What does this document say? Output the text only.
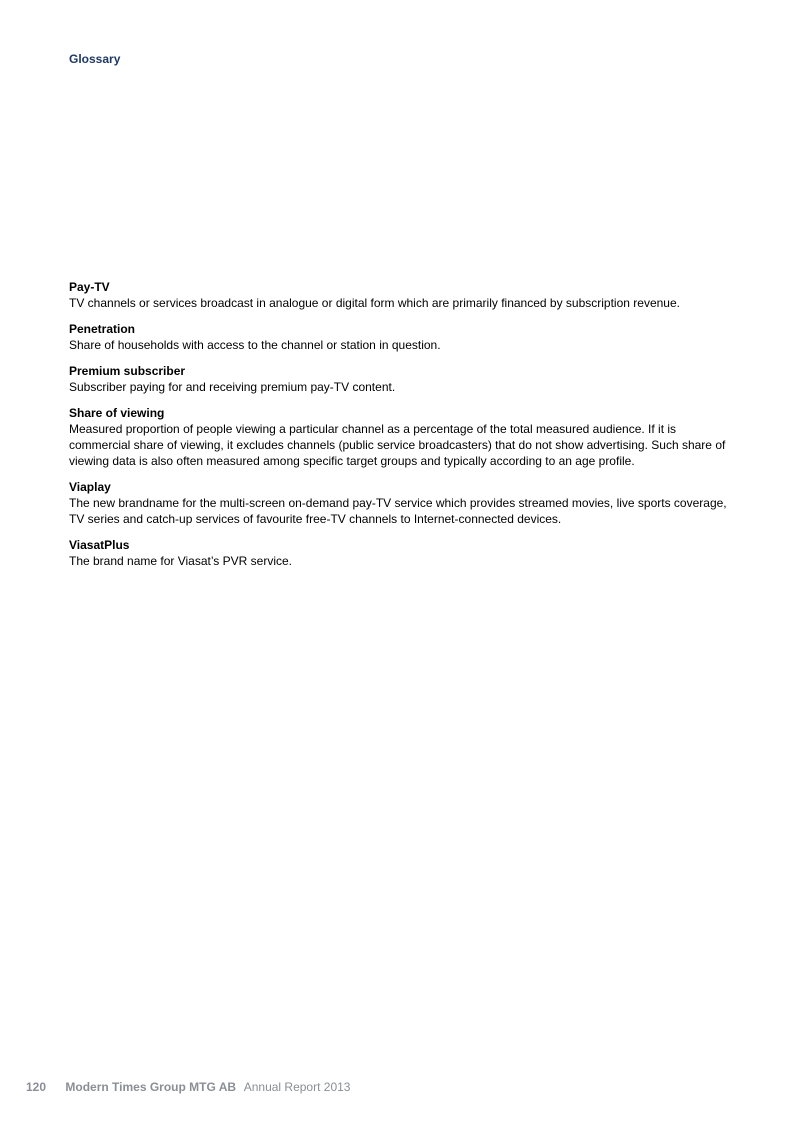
Glossary
Pay-TV
TV channels or services broadcast in analogue or digital form which are primarily financed by subscription revenue.
Penetration
Share of households with access to the channel or station in question.
Premium subscriber
Subscriber paying for and receiving premium pay-TV content.
Share of viewing
Measured proportion of people viewing a particular channel as a percentage of the total measured audience. If it is commercial share of viewing, it excludes channels (public service broadcasters) that do not show advertising. Such share of viewing data is also often measured among specific target groups and typically according to an age profile.
Viaplay
The new brandname for the multi-screen on-demand pay-TV service which provides streamed movies, live sports coverage, TV series and catch-up services of favourite free-TV channels to Internet-connected devices.
ViasatPlus
The brand name for Viasat’s PVR service.
120 Modern Times Group MTG AB Annual Report 2013
